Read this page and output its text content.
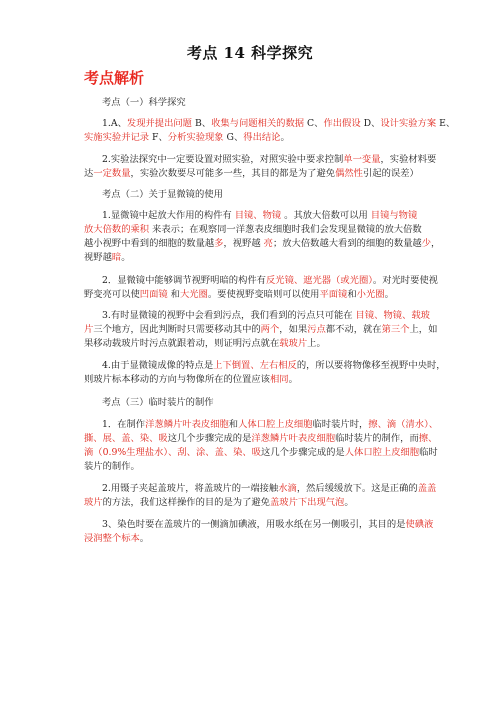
考点 14 科学探究
考点解析
考点（一）科学探究
1.A、发现并提出问题 B、收集与问题相关的数据 C、作出假设 D、设计实验方案 E、
实施实验并记录 F、分析实验现象 G、得出结论。
2.实验法探究中一定要设置对照实验，对照实验中要求控制单一变量，实验材料要
达一定数量，实验次数要尽可能多一些，其目的都是为了避免偶然性引起的误差）
考点（二）关于显微镜的使用
1.显微镜中起放大作用的构件有 目镜、物镜 。其放大倍数可以用 目镜与物镜
放大倍数的乘积 来表示；在观察同一洋葱表皮细胞时我们会发现显微镜的放大倍数
越小视野中看到的细胞的数量越多，视野越 亮；放大倍数越大看到的细胞的数量越少，
视野越暗。
2．显微镜中能够调节视野明暗的构件有反光镜、遮光器（或光圈）。对光时要使视
野变亮可以使凹面镜 和大光圈。要使视野变暗则可以使用平面镜和小光圈。
3.有时显微镜的视野中会看到污点，我们看到的污点只可能在 目镜、物镜、载玻
片三个地方，因此判断时只需要移动其中的两个，如果污点都不动，就在第三个上，如
果移动载玻片时污点就跟着动，则证明污点就在载玻片上。
4.由于显微镜成像的特点是上下倒置、左右相反的，所以要将物像移至视野中央时，
则玻片标本移动的方向与物像所在的位置应该相同。
考点（三）临时装片的制作
1．在制作洋葱鳞片叶表皮细胞和人体口腔上皮细胞临时装片时，擦、滴（清水）、
撕、展、盖、染、吸这几个步骤完成的是洋葱鳞片叶表皮细胞临时装片的制作，而擦、
滴（0.9%生理盐水）、刮、涂、盖、染、吸这几个步骤完成的是人体口腔上皮细胞临时
装片的制作。
2.用镊子夹起盖玻片，将盖玻片的一端接触水滴，然后缓缓放下。这是正确的盖盖
玻片的方法，我们这样操作的目的是为了避免盖玻片下出现气泡。
3、染色时要在盖玻片的一侧滴加碘液，用吸水纸在另一侧吸引，其目的是使碘液
浸润整个标本。
